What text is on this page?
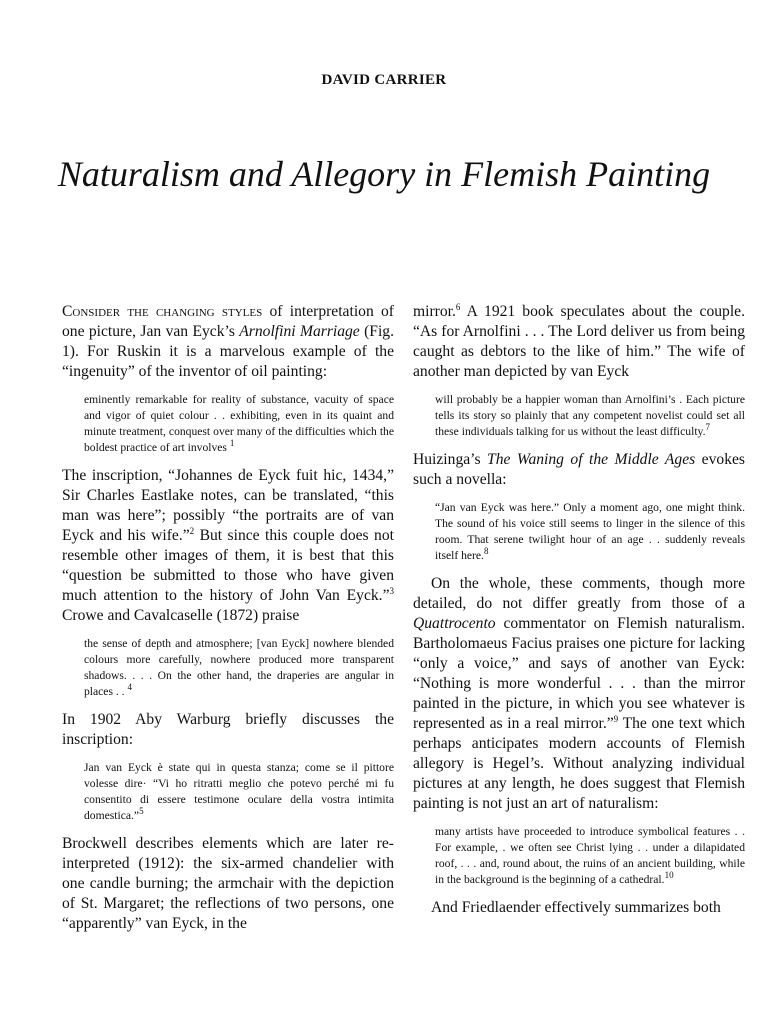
DAVID CARRIER
Naturalism and Allegory in Flemish Painting

Consider the changing styles of interpretation of one picture, Jan van Eyck’s Arnolfini Marriage (Fig. 1). For Ruskin it is a marvelous example of the “ingenuity” of the inventor of oil painting:

eminently remarkable for reality of substance, vacuity of space and vigor of quiet colour . . exhibiting, even in its quaint and minute treatment, conquest over many of the difficulties which the boldest practice of art involves $^1$

The inscription, “Johannes de Eyck fuit hic, 1434,” Sir Charles Eastlake notes, can be translated, “this man was here”; possibly “the portraits are of van Eyck and his wife.”$^2$ But since this couple does not resemble other images of them, it is best that this “question be submitted to those who have given much attention to the history of John Van Eyck.”$^3$ Crowe and Cavalcaselle (1872) praise

the sense of depth and atmosphere; [van Eyck] nowhere blended colours more carefully, nowhere produced more transparent shadows. . . . On the other hand, the draperies are angular in places . . $^4$

In 1902 Aby Warburg briefly discusses the inscription:

Jan van Eyck è state qui in questa stanza; come se il pittore volesse dire· “Vi ho ritratti meglio che potevo perché mi fu consentito di essere testimone oculare della vostra intimita domestica.”$^5$

Brockwell describes elements which are later re-interpreted (1912): the six-armed chandelier with one candle burning; the armchair with the depiction of St. Margaret; the reflections of two persons, one “apparently” van Eyck, in the

mirror.$^6$ A 1921 book speculates about the couple. “As for Arnolfini . . . The Lord deliver us from being caught as debtors to the like of him.” The wife of another man depicted by van Eyck

will probably be a happier woman than Arnolfini’s . Each picture tells its story so plainly that any competent novelist could set all these individuals talking for us without the least difficulty.$^7$

Huizinga’s The Waning of the Middle Ages evokes such a novella:

“Jan van Eyck was here.” Only a moment ago, one might think. The sound of his voice still seems to linger in the silence of this room. That serene twilight hour of an age . . suddenly reveals itself here.$^8$

On the whole, these comments, though more detailed, do not differ greatly from those of a Quattrocento commentator on Flemish naturalism. Bartholomaeus Facius praises one picture for lacking “only a voice,” and says of another van Eyck: “Nothing is more wonderful . . . than the mirror painted in the picture, in which you see whatever is represented as in a real mirror.”$^9$ The one text which perhaps anticipates modern accounts of Flemish allegory is Hegel’s. Without analyzing individual pictures at any length, he does suggest that Flemish painting is not just an art of naturalism:

many artists have proceeded to introduce symbolical features . . For example, . we often see Christ lying . . under a dilapidated roof, . . . and, round about, the ruins of an ancient building, while in the background is the beginning of a cathedral.$^{10}$

And Friedlaender effectively summarizes both
